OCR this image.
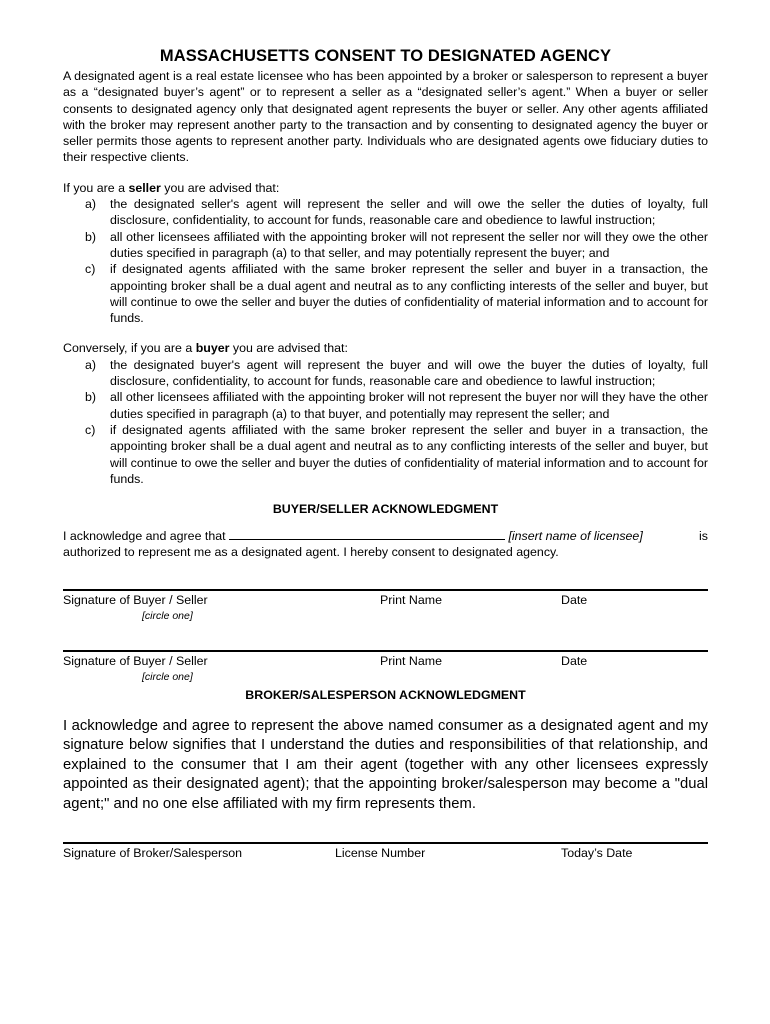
MASSACHUSETTS CONSENT TO DESIGNATED AGENCY
A designated agent is a real estate licensee who has been appointed by a broker or salesperson to represent a buyer as a “designated buyer’s agent” or to represent a seller as a “designated seller’s agent.” When a buyer or seller consents to designated agency only that designated agent represents the buyer or seller. Any other agents affiliated with the broker may represent another party to the transaction and by consenting to designated agency the buyer or seller permits those agents to represent another party. Individuals who are designated agents owe fiduciary duties to their respective clients.
If you are a seller you are advised that:
a) the designated seller's agent will represent the seller and will owe the seller the duties of loyalty, full disclosure, confidentiality, to account for funds, reasonable care and obedience to lawful instruction;
b) all other licensees affiliated with the appointing broker will not represent the seller nor will they owe the other duties specified in paragraph (a) to that seller, and may potentially represent the buyer; and
c) if designated agents affiliated with the same broker represent the seller and buyer in a transaction, the appointing broker shall be a dual agent and neutral as to any conflicting interests of the seller and buyer, but will continue to owe the seller and buyer the duties of confidentiality of material information and to account for funds.
Conversely, if you are a buyer you are advised that:
a) the designated buyer's agent will represent the buyer and will owe the buyer the duties of loyalty, full disclosure, confidentiality, to account for funds, reasonable care and obedience to lawful instruction;
b) all other licensees affiliated with the appointing broker will not represent the buyer nor will they have the other duties specified in paragraph (a) to that buyer, and potentially may represent the seller; and
c) if designated agents affiliated with the same broker represent the seller and buyer in a transaction, the appointing broker shall be a dual agent and neutral as to any conflicting interests of the seller and buyer, but will continue to owe the seller and buyer the duties of confidentiality of material information and to account for funds.
BUYER/SELLER ACKNOWLEDGMENT
I acknowledge and agree that	[insert name of licensee]	is
authorized to represent me as a designated agent. I hereby consent to designated agency.
Signature of Buyer / Seller	Print Name	Date
[circle one]
Signature of Buyer / Seller	Print Name	Date
[circle one]
BROKER/SALESPERSON ACKNOWLEDGMENT
I acknowledge and agree to represent the above named consumer as a designated agent and my signature below signifies that I understand the duties and responsibilities of that relationship, and explained to the consumer that I am their agent (together with any other licensees expressly appointed as their designated agent); that the appointing broker/salesperson may become a "dual agent;" and no one else affiliated with my firm represents them.
Signature of Broker/Salesperson	License Number	Today’s Date
